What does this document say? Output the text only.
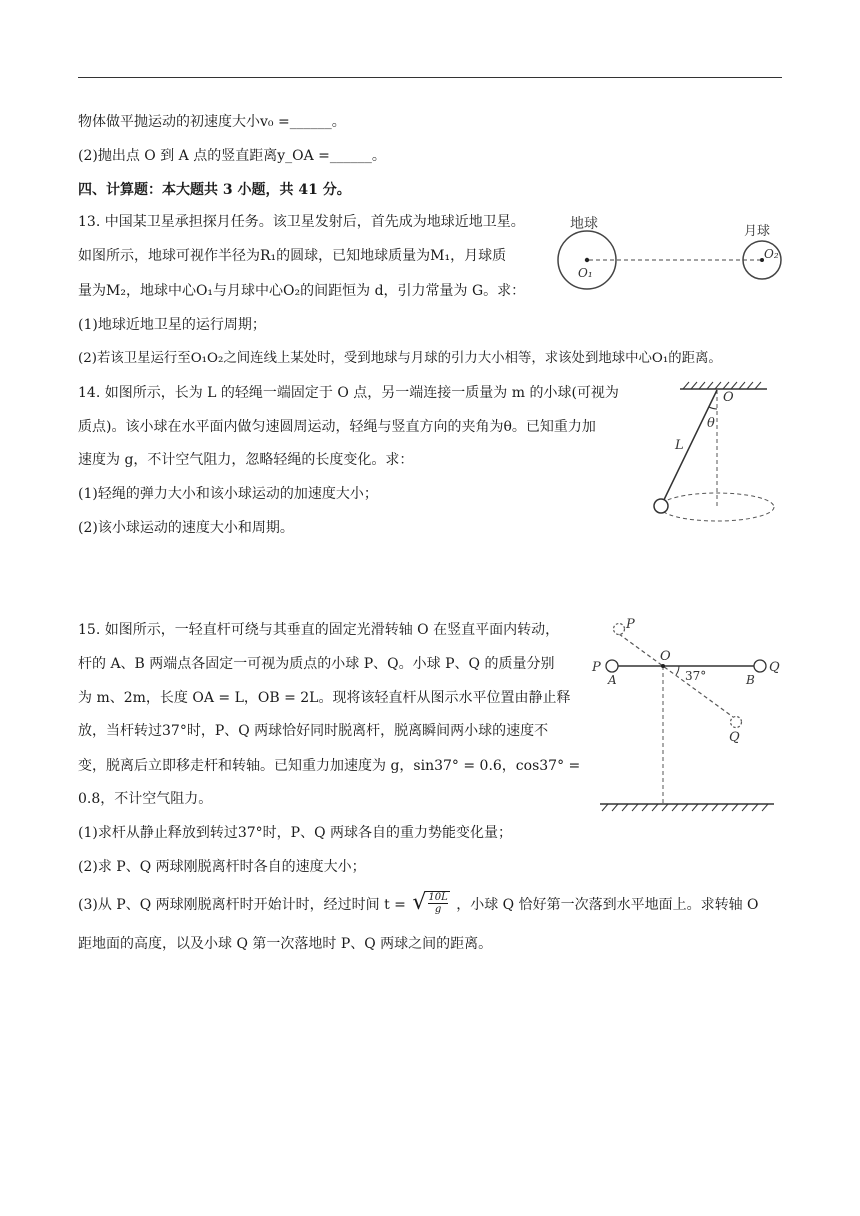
物体做平抛运动的初速度大小v₀ =______。
(2)抛出点 O 到 A 点的竖直距离y_OA =______。
四、计算题：本大题共 3 小题，共 41 分。
13. 中国某卫星承担探月任务。该卫星发射后，首先成为地球近地卫星。
如图所示，地球可视作半径为R₁的圆球，已知地球质量为M₁，月球质
量为M₂，地球中心O₁与月球中心O₂的间距恒为 d，引力常量为 G。求：
(1)地球近地卫星的运行周期；
(2)若该卫星运行至O₁O₂之间连线上某处时，受到地球与月球的引力大小相等，求该处到地球中心O₁的距离。
地球
O₁
月球
O₂
14. 如图所示，长为 L 的轻绳一端固定于 O 点，另一端连接一质量为 m 的小球(可视为
质点)。该小球在水平面内做匀速圆周运动，轻绳与竖直方向的夹角为θ。已知重力加
速度为 g，不计空气阻力，忽略轻绳的长度变化。求：
(1)轻绳的弹力大小和该小球运动的加速度大小；
(2)该小球运动的速度大小和周期。
O
θ
L
15. 如图所示，一轻直杆可绕与其垂直的固定光滑转轴 O 在竖直平面内转动，
杆的 A、B 两端点各固定一可视为质点的小球 P、Q。小球 P、Q 的质量分别
为 m、2m，长度 OA = L，OB = 2L。现将该轻直杆从图示水平位置由静止释
放，当杆转过37°时，P、Q 两球恰好同时脱离杆，脱离瞬间两小球的速度不
变，脱离后立即移走杆和转轴。已知重力加速度为 g，sin37° = 0.6，cos37° =
0.8，不计空气阻力。
(1)求杆从静止释放到转过37°时，P、Q 两球各自的重力势能变化量；
(2)求 P、Q 两球刚脱离杆时各自的速度大小；
(3)从 P、Q 两球刚脱离杆时开始计时，经过时间 t = √ $\frac{10L}{g}$ ，小球 Q 恰好第一次落到水平地面上。求转轴 O
距地面的高度，以及小球 Q 第一次落地时 P、Q 两球之间的距离。
P
P
A
O
37°	B
Q
Q
